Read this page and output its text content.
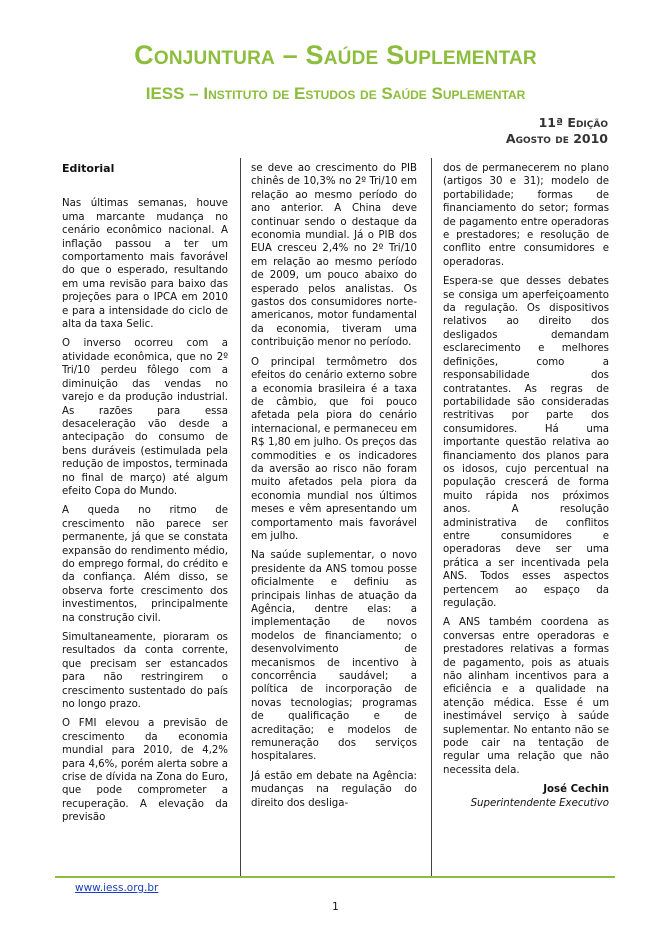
Conjuntura – Saúde Suplementar
IESS – Instituto de Estudos de Saúde Suplementar
11ª Edição
Agosto de 2010

Editorial

Nas últimas semanas, houve uma marcante mudança no cenário econômico nacional. A inflação passou a ter um comportamento mais favorável do que o esperado, resultando em uma revisão para baixo das projeções para o IPCA em 2010 e para a intensidade do ciclo de alta da taxa Selic.

O inverso ocorreu com a atividade econômica, que no 2º Tri/10 perdeu fôlego com a diminuição das vendas no varejo e da produção industrial. As razões para essa desaceleração vão desde a antecipação do consumo de bens duráveis (estimulada pela redução de impostos, terminada no final de março) até algum efeito Copa do Mundo.

A queda no ritmo de crescimento não parece ser permanente, já que se constata expansão do rendimento médio, do emprego formal, do crédito e da confiança. Além disso, se observa forte crescimento dos investimentos, principalmente na construção civil.

Simultaneamente, pioraram os resultados da conta corrente, que precisam ser estancados para não restringirem o crescimento sustentado do país no longo prazo.

O FMI elevou a previsão de crescimento da economia mundial para 2010, de 4,2% para 4,6%, porém alerta sobre a crise de dívida na Zona do Euro, que pode comprometer a recuperação. A elevação da previsão

se deve ao crescimento do PIB chinês de 10,3% no 2º Tri/10 em relação ao mesmo período do ano anterior. A China deve continuar sendo o destaque da economia mundial. Já o PIB dos EUA cresceu 2,4% no 2º Tri/10 em relação ao mesmo período de 2009, um pouco abaixo do esperado pelos analistas. Os gastos dos consumidores norte-americanos, motor fundamental da economia, tiveram uma contribuição menor no período.

O principal termômetro dos efeitos do cenário externo sobre a economia brasileira é a taxa de câmbio, que foi pouco afetada pela piora do cenário internacional, e permaneceu em R$ 1,80 em julho. Os preços das commodities e os indicadores da aversão ao risco não foram muito afetados pela piora da economia mundial nos últimos meses e vêm apresentando um comportamento mais favorável em julho.

Na saúde suplementar, o novo presidente da ANS tomou posse oficialmente e definiu as principais linhas de atuação da Agência, dentre elas: a implementação de novos modelos de financiamento; o desenvolvimento de mecanismos de incentivo à concorrência saudável; a política de incorporação de novas tecnologias; programas de qualificação e de acreditação; e modelos de remuneração dos serviços hospitalares.

Já estão em debate na Agência: mudanças na regulação do direito dos desliga-

dos de permanecerem no plano (artigos 30 e 31); modelo de portabilidade; formas de financiamento do setor; formas de pagamento entre operadoras e prestadores; e resolução de conflito entre consumidores e operadoras.

Espera-se que desses debates se consiga um aperfeiçoamento da regulação. Os dispositivos relativos ao direito dos desligados demandam esclarecimento e melhores definições, como a responsabilidade dos contratantes. As regras de portabilidade são consideradas restritivas por parte dos consumidores. Há uma importante questão relativa ao financiamento dos planos para os idosos, cujo percentual na população crescerá de forma muito rápida nos próximos anos. A resolução administrativa de conflitos entre consumidores e operadoras deve ser uma prática a ser incentivada pela ANS. Todos esses aspectos pertencem ao espaço da regulação.

A ANS também coordena as conversas entre operadoras e prestadores relativas a formas de pagamento, pois as atuais não alinham incentivos para a eficiência e a qualidade na atenção médica. Esse é um inestimável serviço à saúde suplementar. No entanto não se pode cair na tentação de regular uma relação que não necessita dela.

José Cechin

Superintendente Executivo

www.iess.org.br
1
